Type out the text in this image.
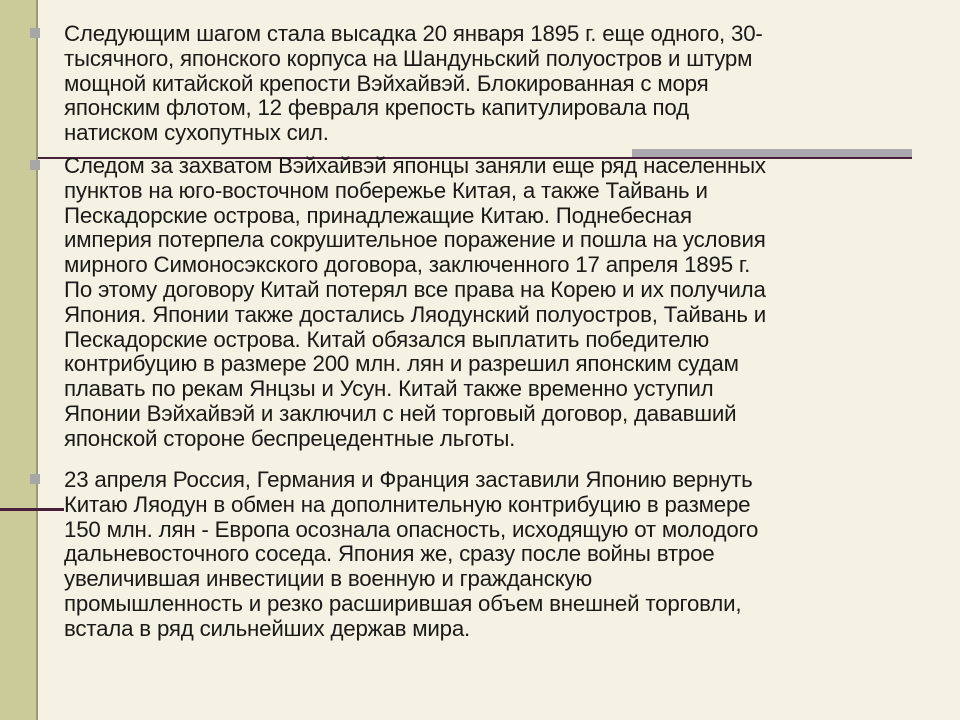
Следующим шагом стала высадка 20 января 1895 г. еще одного, 30-
тысячного, японского корпуса на Шандуньский полуостров и штурм
мощной китайской крепости Вэйхайвэй. Блокированная с моря
японским флотом, 12 февраля крепость капитулировала под
натиском сухопутных сил.

Следом за захватом Вэйхайвэй японцы заняли еще ряд населенных
пунктов на юго-восточном побережье Китая, а также Тайвань и
Пескадорские острова, принадлежащие Китаю. Поднебесная
империя потерпела сокрушительное поражение и пошла на условия
мирного Симоносэкского договора, заключенного 17 апреля 1895 г.
По этому договору Китай потерял все права на Корею и их получила
Япония. Японии также достались Ляодунский полуостров, Тайвань и
Пескадорские острова. Китай обязался выплатить победителю
контрибуцию в размере 200 млн. лян и разрешил японским судам
плавать по рекам Янцзы и Усун. Китай также временно уступил
Японии Вэйхайвэй и заключил с ней торговый договор, дававший
японской стороне беспрецедентные льготы.

23 апреля Россия, Германия и Франция заставили Японию вернуть
Китаю Ляодун в обмен на дополнительную контрибуцию в размере
150 млн. лян - Европа осознала опасность, исходящую от молодого
дальневосточного соседа. Япония же, сразу после войны втрое
увеличившая инвестиции в военную и гражданскую
промышленность и резко расширившая объем внешней торговли,
встала в ряд сильнейших держав мира.
